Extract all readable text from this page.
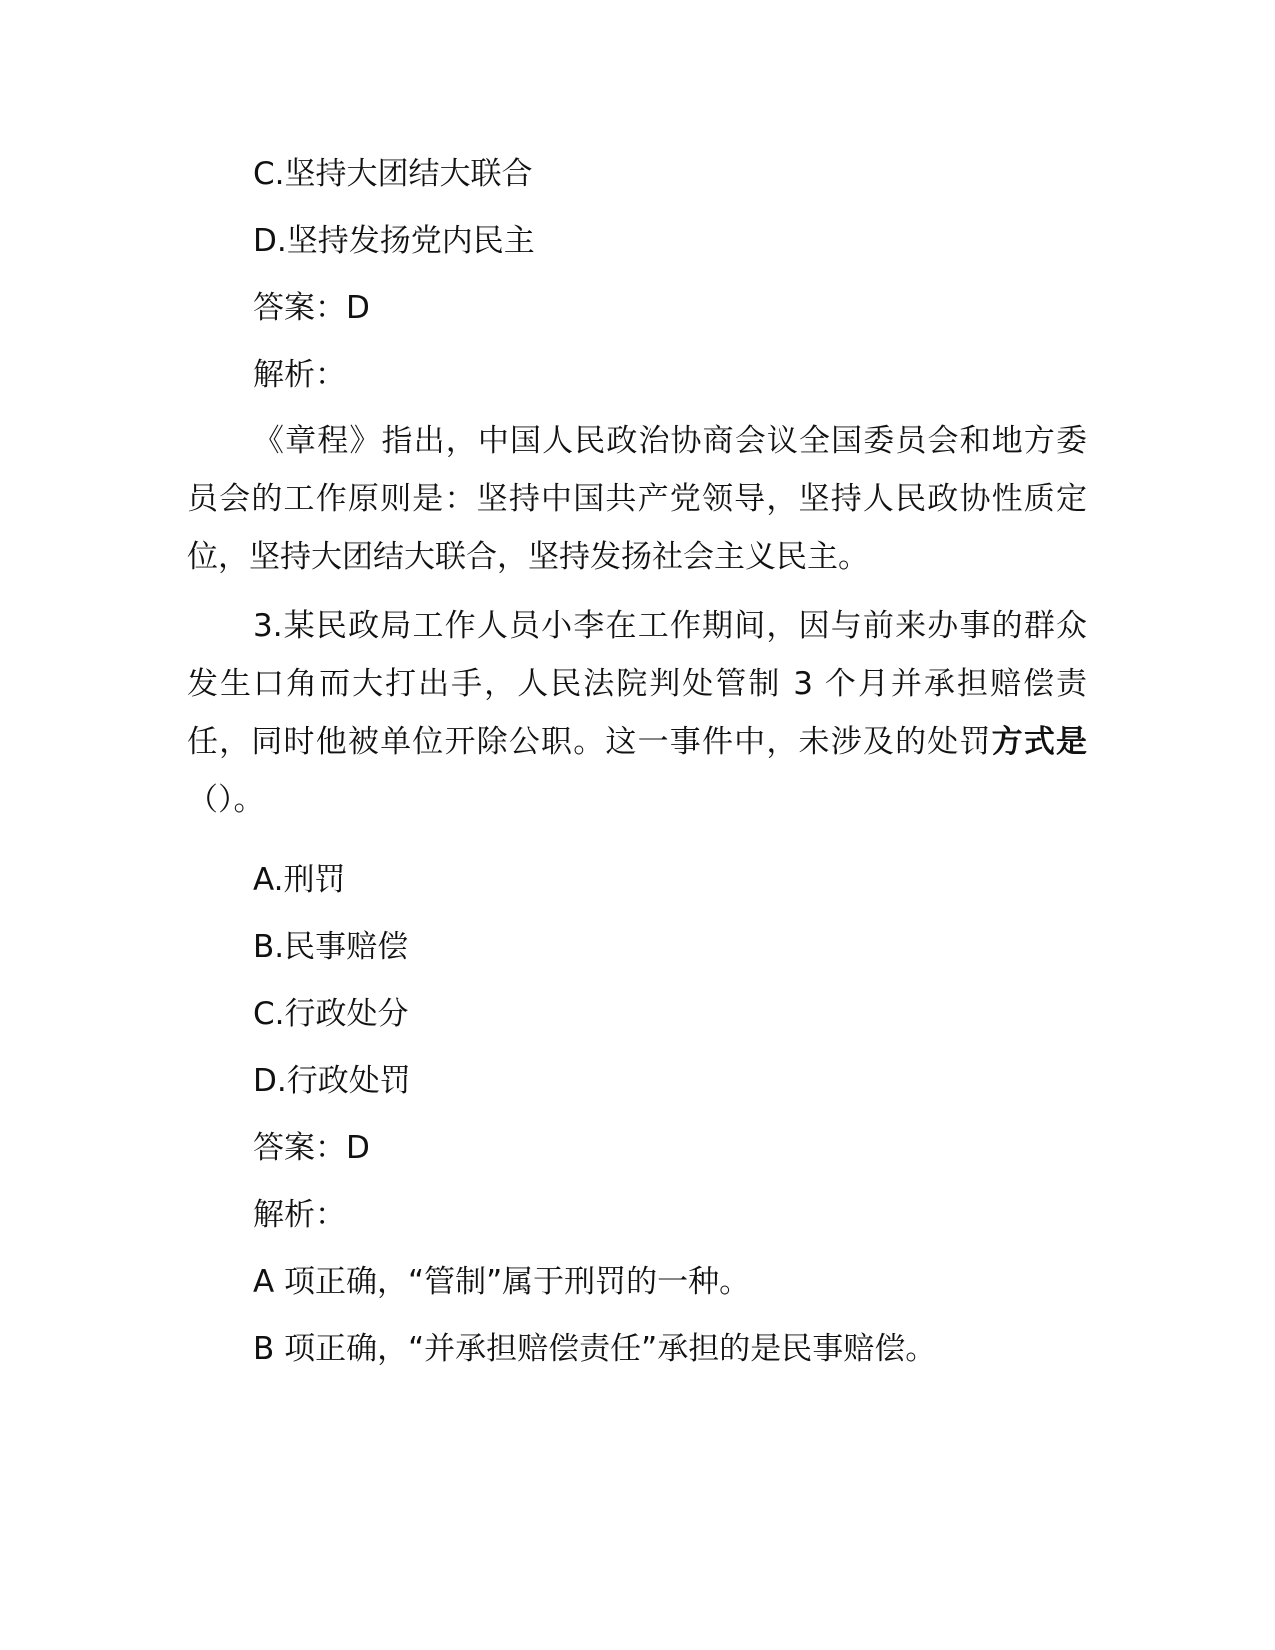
C.坚持大团结大联合
D.坚持发扬党内民主
答案：D
解析：

《章程》指出，中国人民政治协商会议全国委员会和地方委员会的工作原则是：坚持中国共产党领导，坚持人民政协性质定位，坚持大团结大联合，坚持发扬社会主义民主。

3.某民政局工作人员小李在工作期间，因与前来办事的群众发生口角而大打出手，人民法院判处管制 3 个月并承担赔偿责任，同时他被单位开除公职。这一事件中，未涉及的处罚方式是（）。

A.刑罚
B.民事赔偿
C.行政处分
D.行政处罚
答案：D
解析：
A 项正确，“管制”属于刑罚的一种。
B 项正确，“并承担赔偿责任”承担的是民事赔偿。
